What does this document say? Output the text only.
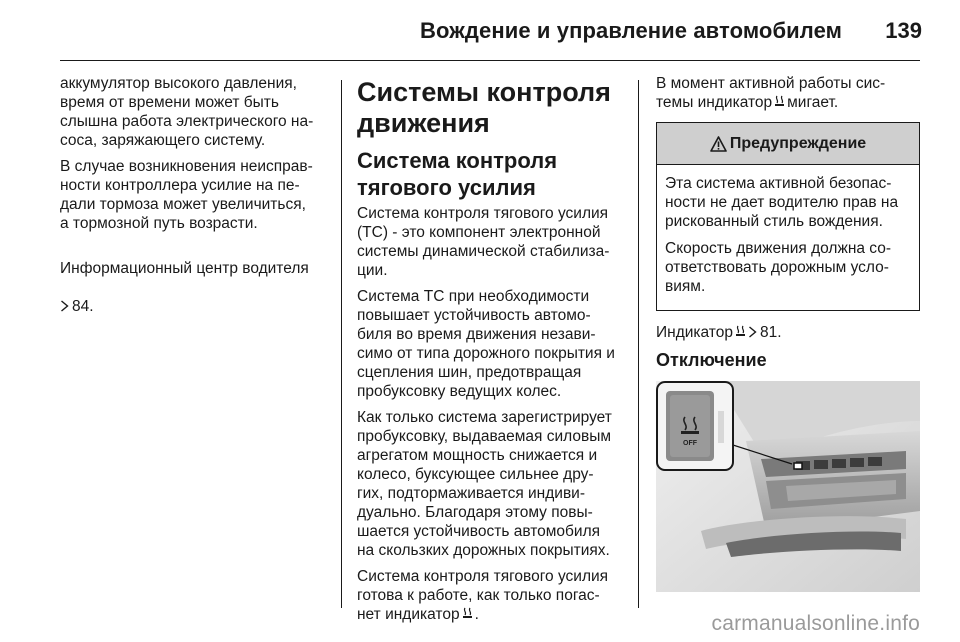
Вождение и управление автомобилем 139
аккумулятор высокого давления,
время от времени может быть
слышна работа электрического на-
соса, заряжающего систему.
В случае возникновения неисправ-
ности контроллера усилие на пе-
дали тормоза может увеличиться,
а тормозной путь возрасти.

Информационный центр водителя

84.

Системы контроля
движения
Система контроля
тягового усилия
Система контроля тягового усилия
(TC) - это компонент электронной
системы динамической стабилиза-
ции.
Система TC при необходимости
повышает устойчивость автомо-
биля во время движения незави-
симо от типа дорожного покрытия и
сцепления шин, предотвращая
пробуксовку ведущих колес.
Как только система зарегистрирует
пробуксовку, выдаваемая силовым
агрегатом мощность снижается и
колесо, буксующее сильнее дру-
гих, подтормаживается индиви-
дуально. Благодаря этому повы-
шается устойчивость автомобиля
на скользких дорожных покрытиях.
Система контроля тягового усилия
готова к работе, как только погас-
нет индикатор .
В момент активной работы сис-
темы индикатор мигает.
Предупреждение
Эта система активной безопас-
ности не дает водителю прав на
рискованный стиль вождения.
Скорость движения должна со-
ответствовать дорожным усло-
виям.
Индикатор 81.
Отключение
OFF
carmanualsonline.info
